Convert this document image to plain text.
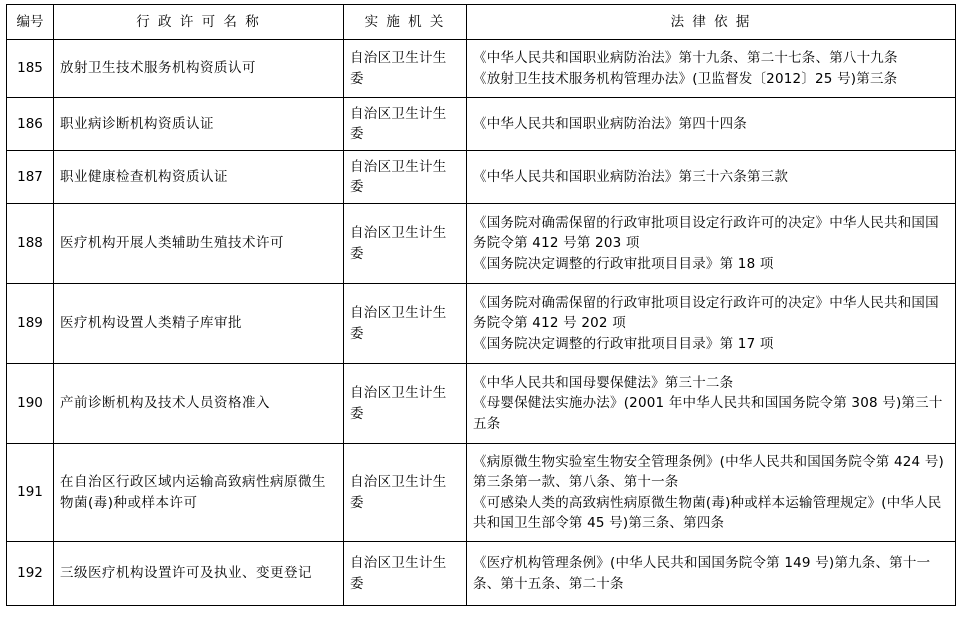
编号	行 政 许 可 名 称	实 施 机 关	法 律 依 据
185	放射卫生技术服务机构资质认可	自治区卫生计生委	《中华人民共和国职业病防治法》第十九条、第二十七条、第八十九条
《放射卫生技术服务机构管理办法》(卫监督发〔2012〕25 号)第三条

186	职业病诊断机构资质认证	自治区卫生计生委	《中华人民共和国职业病防治法》第四十四条

187	职业健康检查机构资质认证	自治区卫生计生委	《中华人民共和国职业病防治法》第三十六条第三款

188	医疗机构开展人类辅助生殖技术许可	自治区卫生计生委	《国务院对确需保留的行政审批项目设定行政许可的决定》中华人民共和国国务院令第 412 号第 203 项
《国务院决定调整的行政审批项目目录》第 18 项

189	医疗机构设置人类精子库审批	自治区卫生计生委	《国务院对确需保留的行政审批项目设定行政许可的决定》中华人民共和国国务院令第 412 号 202 项
《国务院决定调整的行政审批项目目录》第 17 项

190	产前诊断机构及技术人员资格准入	自治区卫生计生委	《中华人民共和国母婴保健法》第三十二条
《母婴保健法实施办法》(2001 年中华人民共和国国务院令第 308 号)第三十五条

191	在自治区行政区域内运输高致病性病原微生物菌(毒)种或样本许可	自治区卫生计生委	《病原微生物实验室生物安全管理条例》(中华人民共和国国务院令第 424 号)第三条第一款、第八条、第十一条
《可感染人类的高致病性病原微生物菌(毒)种或样本运输管理规定》(中华人民共和国卫生部令第 45 号)第三条、第四条

192	三级医疗机构设置许可及执业、变更登记	自治区卫生计生委	《医疗机构管理条例》(中华人民共和国国务院令第 149 号)第九条、第十一条、第十五条、第二十条
